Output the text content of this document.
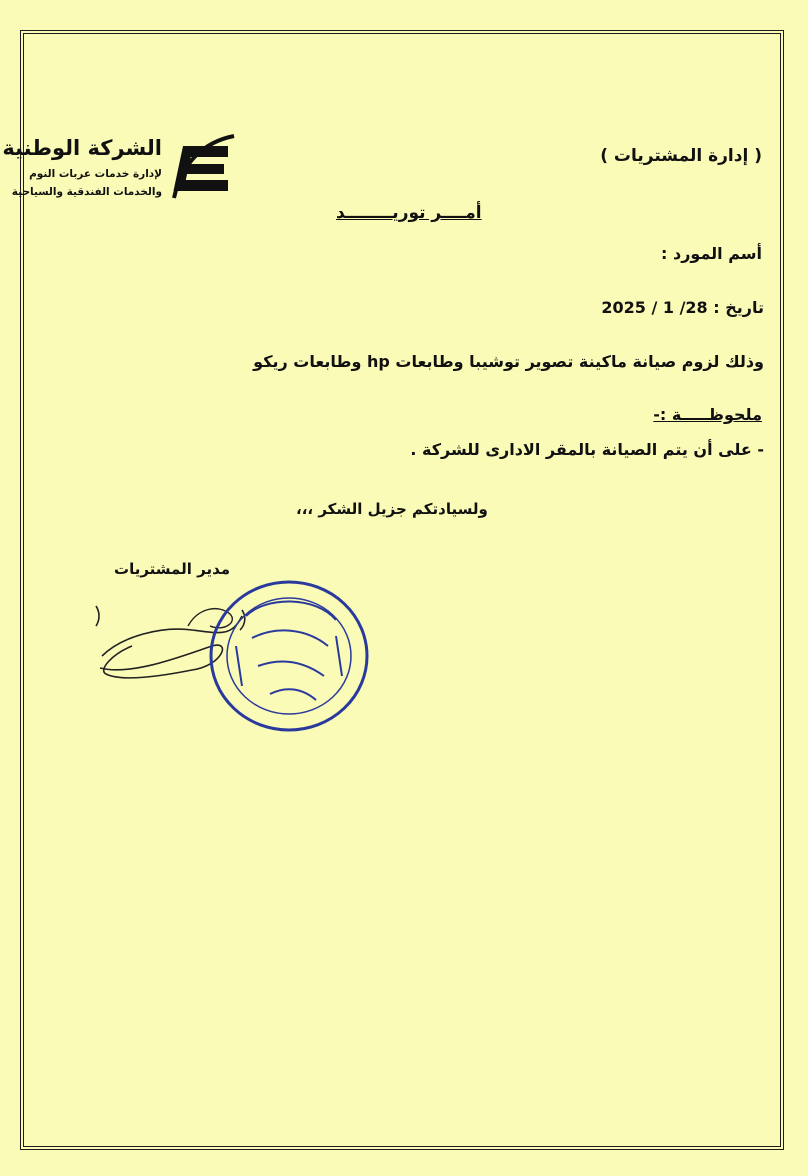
الشركة الوطنية
لإدارة خدمات عربات النوم
والخدمات الفندقية والسياحية
( إدارة المشتريات )
أمــــر توريــــــــد
أسم المورد :
تاريخ : 28/ 1 / 2025
وذلك لزوم صيانة ماكينة تصوير توشيبا وطابعات hp وطابعات ريكو
ملحوظـــــة :-
- على أن يتم الصيانة بالمقر الادارى للشركة .
ولسيادتكم جزيل الشكر ،،،
مدير المشتريات
